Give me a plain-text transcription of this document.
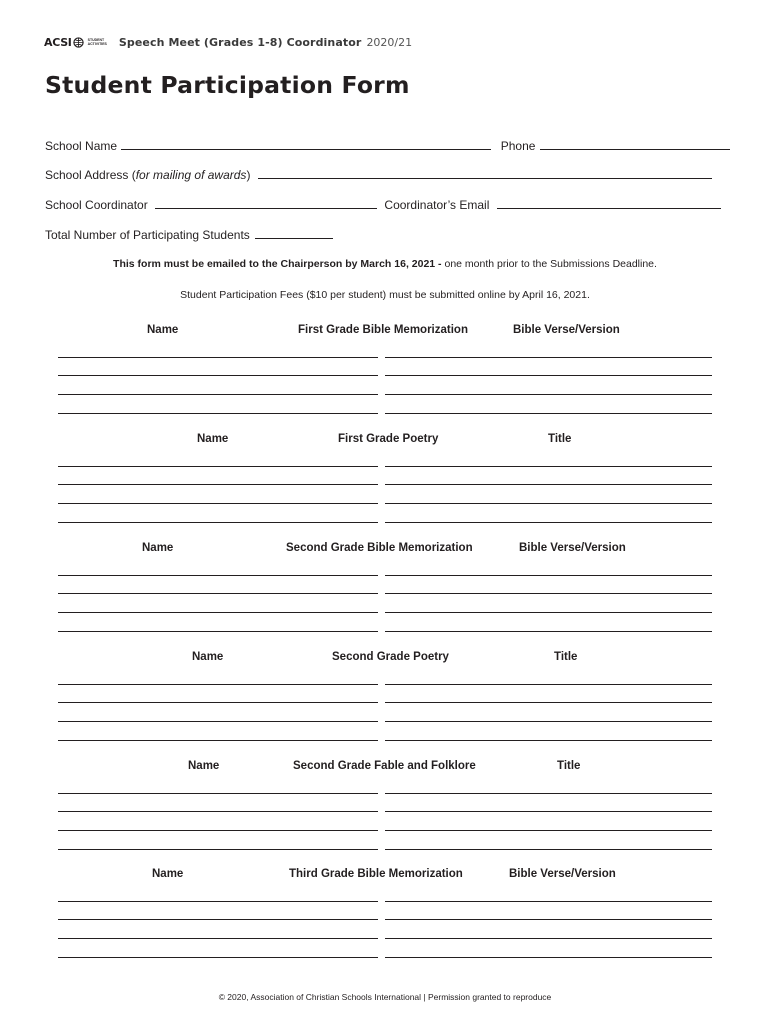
ACSI	STUDENT
ACTIVITIES Speech Meet (Grades 1-8) Coordinator 2020/21
Student Participation Form
School Name	Phone
School Address (for mailing of awards)
School Coordinator	Coordinator’s Email
Total Number of Participating Students
This form must be emailed to the Chairperson by March 16, 2021 - one month prior to the Submissions Deadline.
Student Participation Fees ($10 per student) must be submitted online by April 16, 2021.
Name	First Grade Bible Memorization	Bible Verse/Version
Name	First Grade Poetry	Title
Name	Second Grade Bible Memorization	Bible Verse/Version
Name	Second Grade Poetry	Title
Name	Second Grade Fable and Folklore	Title
Name	Third Grade Bible Memorization	Bible Verse/Version
© 2020, Association of Christian Schools International | Permission granted to reproduce
